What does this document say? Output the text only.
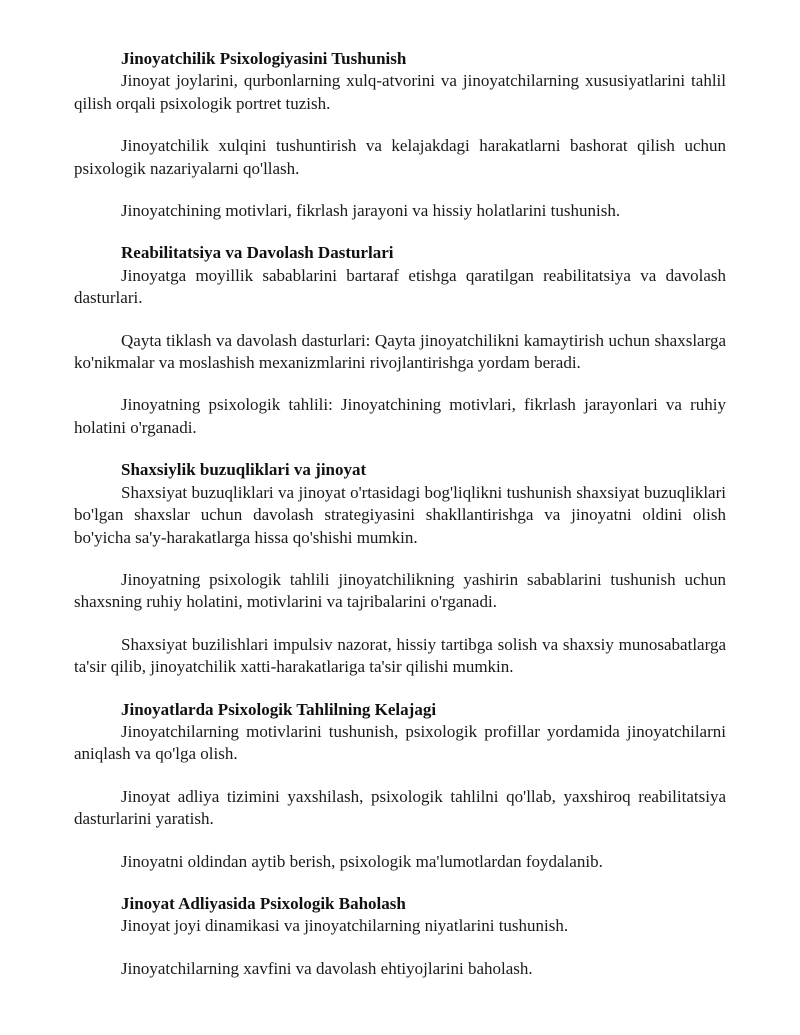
Jinoyatchilik Psixologiyasini Tushunish

Jinoyat joylarini, qurbonlarning xulq-atvorini va jinoyatchilarning xususiyatlarini tahlil qilish orqali psixologik portret tuzish.

Jinoyatchilik xulqini tushuntirish va kelajakdagi harakatlarni bashorat qilish uchun psixologik nazariyalarni qo'llash.

Jinoyatchining motivlari, fikrlash jarayoni va hissiy holatlarini tushunish.

Reabilitatsiya va Davolash Dasturlari

Jinoyatga moyillik sabablarini bartaraf etishga qaratilgan reabilitatsiya va davolash dasturlari.

Qayta tiklash va davolash dasturlari: Qayta jinoyatchilikni kamaytirish uchun shaxslarga ko'nikmalar va moslashish mexanizmlarini rivojlantirishga yordam beradi.

Jinoyatning psixologik tahlili: Jinoyatchining motivlari, fikrlash jarayonlari va ruhiy holatini o'rganadi.

Shaxsiylik buzuqliklari va jinoyat

Shaxsiyat buzuqliklari va jinoyat o'rtasidagi bog'liqlikni tushunish shaxsiyat buzuqliklari bo'lgan shaxslar uchun davolash strategiyasini shakllantirishga va jinoyatni oldini olish bo'yicha sa'y-harakatlarga hissa qo'shishi mumkin.

Jinoyatning psixologik tahlili jinoyatchilikning yashirin sabablarini tushunish uchun shaxsning ruhiy holatini, motivlarini va tajribalarini o'rganadi.

Shaxsiyat buzilishlari impulsiv nazorat, hissiy tartibga solish va shaxsiy munosabatlarga ta'sir qilib, jinoyatchilik xatti-harakatlariga ta'sir qilishi mumkin.

Jinoyatlarda Psixologik Tahlilning Kelajagi

Jinoyatchilarning motivlarini tushunish, psixologik profillar yordamida jinoyatchilarni aniqlash va qo'lga olish.

Jinoyat adliya tizimini yaxshilash, psixologik tahlilni qo'llab, yaxshiroq reabilitatsiya dasturlarini yaratish.

Jinoyatni oldindan aytib berish, psixologik ma'lumotlardan foydalanib.

Jinoyat Adliyasida Psixologik Baholash

Jinoyat joyi dinamikasi va jinoyatchilarning niyatlarini tushunish.

Jinoyatchilarning xavfini va davolash ehtiyojlarini baholash.
